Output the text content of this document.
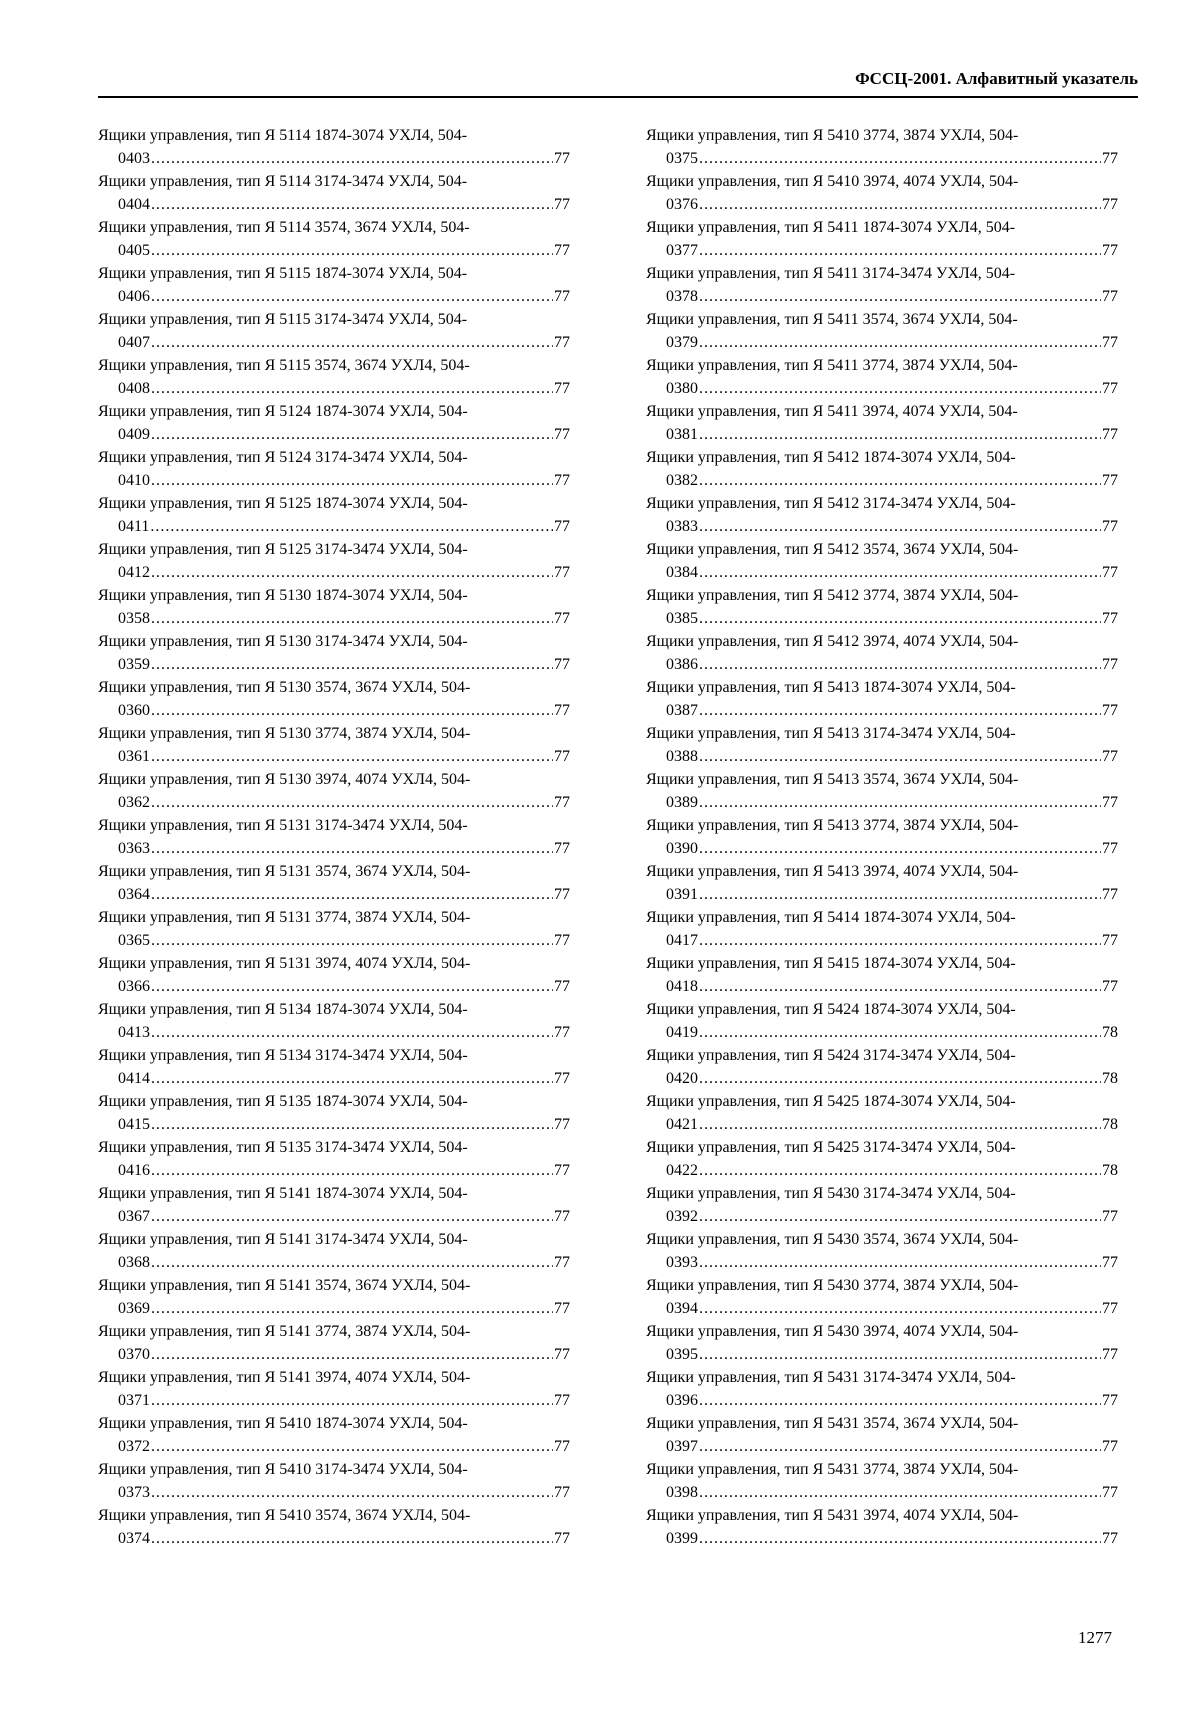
ФССЦ-2001. Алфавитный указатель
Ящики управления, тип Я 5114 1874-3074 УХЛ4, 504-
0403 .....	77
Ящики управления, тип Я 5114 3174-3474 УХЛ4, 504-
0404 .....	77
Ящики управления, тип Я 5114 3574, 3674 УХЛ4, 504-
0405 .....	77
Ящики управления, тип Я 5115 1874-3074 УХЛ4, 504-
0406 .....	77
Ящики управления, тип Я 5115 3174-3474 УХЛ4, 504-
0407 .....	77
Ящики управления, тип Я 5115 3574, 3674 УХЛ4, 504-
0408 .....	77
Ящики управления, тип Я 5124 1874-3074 УХЛ4, 504-
0409 .....	77
Ящики управления, тип Я 5124 3174-3474 УХЛ4, 504-
0410 .....	77
Ящики управления, тип Я 5125 1874-3074 УХЛ4, 504-
0411 .....	77
Ящики управления, тип Я 5125 3174-3474 УХЛ4, 504-
0412 .....	77
Ящики управления, тип Я 5130 1874-3074 УХЛ4, 504-
0358 .....	77
Ящики управления, тип Я 5130 3174-3474 УХЛ4, 504-
0359 .....	77
Ящики управления, тип Я 5130 3574, 3674 УХЛ4, 504-
0360 .....	77
Ящики управления, тип Я 5130 3774, 3874 УХЛ4, 504-
0361 .....	77
Ящики управления, тип Я 5130 3974, 4074 УХЛ4, 504-
0362 .....	77
Ящики управления, тип Я 5131 3174-3474 УХЛ4, 504-
0363 .....	77
Ящики управления, тип Я 5131 3574, 3674 УХЛ4, 504-
0364 .....	77
Ящики управления, тип Я 5131 3774, 3874 УХЛ4, 504-
0365 .....	77
Ящики управления, тип Я 5131 3974, 4074 УХЛ4, 504-
0366 .....	77
Ящики управления, тип Я 5134 1874-3074 УХЛ4, 504-
0413 .....	77
Ящики управления, тип Я 5134 3174-3474 УХЛ4, 504-
0414 .....	77
Ящики управления, тип Я 5135 1874-3074 УХЛ4, 504-
0415 .....	77
Ящики управления, тип Я 5135 3174-3474 УХЛ4, 504-
0416 .....	77
Ящики управления, тип Я 5141 1874-3074 УХЛ4, 504-
0367 .....	77
Ящики управления, тип Я 5141 3174-3474 УХЛ4, 504-
0368 .....	77
Ящики управления, тип Я 5141 3574, 3674 УХЛ4, 504-
0369 .....	77
Ящики управления, тип Я 5141 3774, 3874 УХЛ4, 504-
0370 .....	77
Ящики управления, тип Я 5141 3974, 4074 УХЛ4, 504-
0371 .....	77
Ящики управления, тип Я 5410 1874-3074 УХЛ4, 504-
0372 .....	77
Ящики управления, тип Я 5410 3174-3474 УХЛ4, 504-
0373 .....	77
Ящики управления, тип Я 5410 3574, 3674 УХЛ4, 504-
0374 .....	77
Ящики управления, тип Я 5410 3774, 3874 УХЛ4, 504-
0375 .....	77
Ящики управления, тип Я 5410 3974, 4074 УХЛ4, 504-
0376 .....	77
Ящики управления, тип Я 5411 1874-3074 УХЛ4, 504-
0377 .....	77
Ящики управления, тип Я 5411 3174-3474 УХЛ4, 504-
0378 .....	77
Ящики управления, тип Я 5411 3574, 3674 УХЛ4, 504-
0379 .....	77
Ящики управления, тип Я 5411 3774, 3874 УХЛ4, 504-
0380 .....	77
Ящики управления, тип Я 5411 3974, 4074 УХЛ4, 504-
0381 .....	77
Ящики управления, тип Я 5412 1874-3074 УХЛ4, 504-
0382 .....	77
Ящики управления, тип Я 5412 3174-3474 УХЛ4, 504-
0383 .....	77
Ящики управления, тип Я 5412 3574, 3674 УХЛ4, 504-
0384 .....	77
Ящики управления, тип Я 5412 3774, 3874 УХЛ4, 504-
0385 .....	77
Ящики управления, тип Я 5412 3974, 4074 УХЛ4, 504-
0386 .....	77
Ящики управления, тип Я 5413 1874-3074 УХЛ4, 504-
0387 .....	77
Ящики управления, тип Я 5413 3174-3474 УХЛ4, 504-
0388 .....	77
Ящики управления, тип Я 5413 3574, 3674 УХЛ4, 504-
0389 .....	77
Ящики управления, тип Я 5413 3774, 3874 УХЛ4, 504-
0390 .....	77
Ящики управления, тип Я 5413 3974, 4074 УХЛ4, 504-
0391 .....	77
Ящики управления, тип Я 5414 1874-3074 УХЛ4, 504-
0417 .....	77
Ящики управления, тип Я 5415 1874-3074 УХЛ4, 504-
0418 .....	77
Ящики управления, тип Я 5424 1874-3074 УХЛ4, 504-
0419 .....	78
Ящики управления, тип Я 5424 3174-3474 УХЛ4, 504-
0420 .....	78
Ящики управления, тип Я 5425 1874-3074 УХЛ4, 504-
0421 .....	78
Ящики управления, тип Я 5425 3174-3474 УХЛ4, 504-
0422 .....	78
Ящики управления, тип Я 5430 3174-3474 УХЛ4, 504-
0392 .....	77
Ящики управления, тип Я 5430 3574, 3674 УХЛ4, 504-
0393 .....	77
Ящики управления, тип Я 5430 3774, 3874 УХЛ4, 504-
0394 .....	77
Ящики управления, тип Я 5430 3974, 4074 УХЛ4, 504-
0395 .....	77
Ящики управления, тип Я 5431 3174-3474 УХЛ4, 504-
0396 .....	77
Ящики управления, тип Я 5431 3574, 3674 УХЛ4, 504-
0397 .....	77
Ящики управления, тип Я 5431 3774, 3874 УХЛ4, 504-
0398 .....	77
Ящики управления, тип Я 5431 3974, 4074 УХЛ4, 504-
0399 .....	77
1277
